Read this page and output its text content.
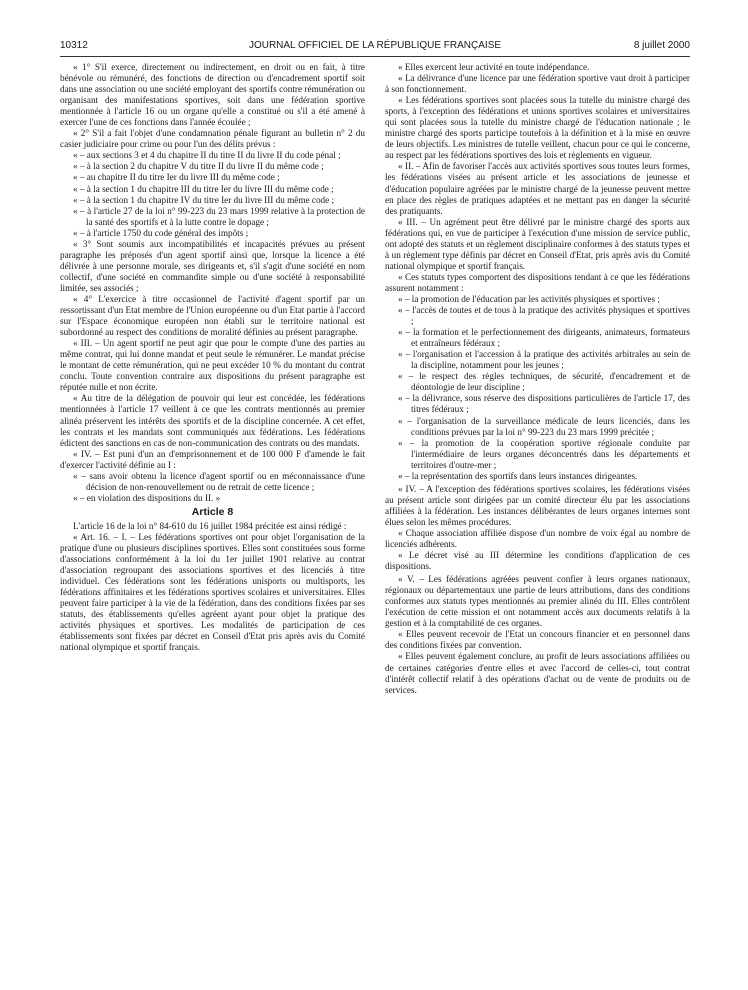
10312	JOURNAL OFFICIEL DE LA RÉPUBLIQUE FRANÇAISE	8 juillet 2000

« 1° S'il exerce, directement ou indirectement, en droit ou en fait, à titre bénévole ou rémunéré, des fonctions de direction ou d'encadrement sportif soit dans une association ou une société employant des sportifs contre rémunération ou organisant des manifestations sportives, soit dans une fédération sportive mentionnée à l'article 16 ou un organe qu'elle a constitué ou s'il a été amené à exercer l'une de ces fonctions dans l'année écoulée ;

« 2° S'il a fait l'objet d'une condamnation pénale figurant au bulletin n° 2 du casier judiciaire pour crime ou pour l'un des délits prévus :

« – aux sections 3 et 4 du chapitre II du titre II du livre II du code pénal ;

« – à la section 2 du chapitre V du titre II du livre II du même code ;

« – au chapitre II du titre Ier du livre III du même code ;

« – à la section 1 du chapitre III du titre Ier du livre III du même code ;

« – à la section 1 du chapitre IV du titre Ier du livre III du même code ;

« – à l'article 27 de la loi n° 99-223 du 23 mars 1999 relative à la protection de la santé des sportifs et à la lutte contre le dopage ;

« – à l'article 1750 du code général des impôts ;

« 3° Sont soumis aux incompatibilités et incapacités prévues au présent paragraphe les préposés d'un agent sportif ainsi que, lorsque la licence a été délivrée à une personne morale, ses dirigeants et, s'il s'agit d'une société en nom collectif, d'une société en commandite simple ou d'une société à responsabilité limitée, ses associés ;

« 4° L'exercice à titre occasionnel de l'activité d'agent sportif par un ressortissant d'un Etat membre de l'Union européenne ou d'un Etat partie à l'accord sur l'Espace économique européen non établi sur le territoire national est subordonné au respect des conditions de moralité définies au présent paragraphe.

« III. – Un agent sportif ne peut agir que pour le compte d'une des parties au même contrat, qui lui donne mandat et peut seule le rémunérer. Le mandat précise le montant de cette rémunération, qui ne peut excéder 10 % du montant du contrat conclu. Toute convention contraire aux dispositions du présent paragraphe est réputée nulle et non écrite.

« Au titre de la délégation de pouvoir qui leur est concédée, les fédérations mentionnées à l'article 17 veillent à ce que les contrats mentionnés au premier alinéa préservent les intérêts des sportifs et de la discipline concernée. A cet effet, les contrats et les mandats sont communiqués aux fédérations. Les fédérations édictent des sanctions en cas de non-communication des contrats ou des mandats.

« IV. – Est puni d'un an d'emprisonnement et de 100 000 F d'amende le fait d'exercer l'activité définie au I :

« – sans avoir obtenu la licence d'agent sportif ou en méconnaissance d'une décision de non-renouvellement ou de retrait de cette licence ;

« – en violation des dispositions du II. »

Article 8

L'article 16 de la loi n° 84-610 du 16 juillet 1984 précitée est ainsi rédigé :

« Art. 16. – I. – Les fédérations sportives ont pour objet l'organisation de la pratique d'une ou plusieurs disciplines sportives. Elles sont constituées sous forme d'associations conformément à la loi du 1er juillet 1901 relative au contrat d'association regroupant des associations sportives et des licenciés à titre individuel. Ces fédérations sont les fédérations unisports ou multisports, les fédérations affinitaires et les fédérations sportives scolaires et universitaires. Elles peuvent faire participer à la vie de la fédération, dans des conditions fixées par ses statuts, des établissements qu'elles agréent ayant pour objet la pratique des activités physiques et sportives. Les modalités de participation de ces établissements sont fixées par décret en Conseil d'Etat pris après avis du Comité national olympique et sportif français.

« Elles exercent leur activité en toute indépendance.

« La délivrance d'une licence par une fédération sportive vaut droit à participer à son fonctionnement.

« Les fédérations sportives sont placées sous la tutelle du ministre chargé des sports, à l'exception des fédérations et unions sportives scolaires et universitaires qui sont placées sous la tutelle du ministre chargé de l'éducation nationale ; le ministre chargé des sports participe toutefois à la définition et à la mise en œuvre de leurs objectifs. Les ministres de tutelle veillent, chacun pour ce qui le concerne, au respect par les fédérations sportives des lois et règlements en vigueur.

« II. – Afin de favoriser l'accès aux activités sportives sous toutes leurs formes, les fédérations visées au présent article et les associations de jeunesse et d'éducation populaire agréées par le ministre chargé de la jeunesse peuvent mettre en place des règles de pratiques adaptées et ne mettant pas en danger la sécurité des pratiquants.

« III. – Un agrément peut être délivré par le ministre chargé des sports aux fédérations qui, en vue de participer à l'exécution d'une mission de service public, ont adopté des statuts et un règlement disciplinaire conformes à des statuts types et à un règlement type définis par décret en Conseil d'Etat, pris après avis du Comité national olympique et sportif français.

« Ces statuts types comportent des dispositions tendant à ce que les fédérations assurent notamment :

« – la promotion de l'éducation par les activités physiques et sportives ;

« – l'accès de toutes et de tous à la pratique des activités physiques et sportives ;

« – la formation et le perfectionnement des dirigeants, animateurs, formateurs et entraîneurs fédéraux ;

« – l'organisation et l'accession à la pratique des activités arbitrales au sein de la discipline, notamment pour les jeunes ;

« – le respect des règles techniques, de sécurité, d'encadrement et de déontologie de leur discipline ;

« – la délivrance, sous réserve des dispositions particulières de l'article 17, des titres fédéraux ;

« – l'organisation de la surveillance médicale de leurs licenciés, dans les conditions prévues par la loi n° 99-223 du 23 mars 1999 précitée ;

« – la promotion de la coopération sportive régionale conduite par l'intermédiaire de leurs organes déconcentrés dans les départements et territoires d'outre-mer ;

« – la représentation des sportifs dans leurs instances dirigeantes.

« IV. – A l'exception des fédérations sportives scolaires, les fédérations visées au présent article sont dirigées par un comité directeur élu par les associations affiliées à la fédération. Les instances délibérantes de leurs organes internes sont élues selon les mêmes procédures.

« Chaque association affiliée dispose d'un nombre de voix égal au nombre de licenciés adhérents.

« Le décret visé au III détermine les conditions d'application de ces dispositions.

« V. – Les fédérations agréées peuvent confier à leurs organes nationaux, régionaux ou départementaux une partie de leurs attributions, dans des conditions conformes aux statuts types mentionnés au premier alinéa du III. Elles contrôlent l'exécution de cette mission et ont notamment accès aux documents relatifs à la gestion et à la comptabilité de ces organes.

« Elles peuvent recevoir de l'Etat un concours financier et en personnel dans des conditions fixées par convention.

« Elles peuvent également conclure, au profit de leurs associations affiliées ou de certaines catégories d'entre elles et avec l'accord de celles-ci, tout contrat d'intérêt collectif relatif à des opérations d'achat ou de vente de produits ou de services.
